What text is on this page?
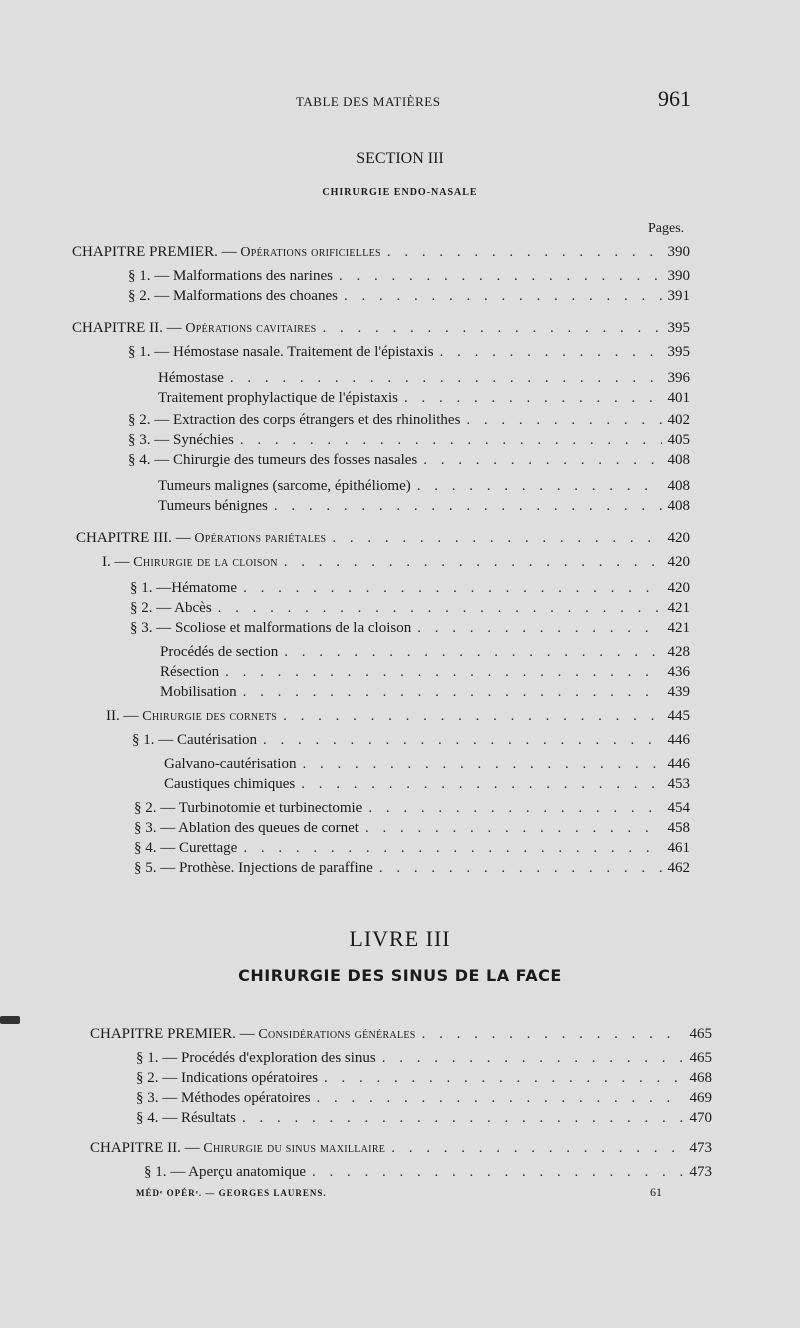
TABLE DES MATIÈRES	961
SECTION III
CHIRURGIE ENDO-NASALE
Pages.
CHAPITRE PREMIER. — Opérations orificielles . . .	390
§ 1. — Malformations des narines . . .	390
§ 2. — Malformations des choanes . . .	391
CHAPITRE II. — Opérations cavitaires . . .	395
§ 1. — Hémostase nasale. Traitement de l'épistaxis . . .	395
Hémostase . . .	396
Traitement prophylactique de l'épistaxis . . .	401
§ 2. — Extraction des corps étrangers et des rhinolithes . . .	402
§ 3. — Synéchies . . .	405
§ 4. — Chirurgie des tumeurs des fosses nasales . . .	408
Tumeurs malignes (sarcome, épithéliome) . . .	408
Tumeurs bénignes . . .	408
CHAPITRE III. — Opérations pariétales . . .	420
I. — Chirurgie de la cloison . . .	420
§ 1. —Hématome . . .	420
§ 2. — Abcès . . .	421
§ 3. — Scoliose et malformations de la cloison . . .	421
Procédés de section . . .	428
Résection . . .	436
Mobilisation . . .	439
II. — Chirurgie des cornets . . .	445
§ 1. — Cautérisation . . .	446
Galvano-cautérisation . . .	446
Caustiques chimiques . . .	453
§ 2. — Turbinotomie et turbinectomie . . .	454
§ 3. — Ablation des queues de cornet . . .	458
§ 4. — Curettage . . .	461
§ 5. — Prothèse. Injections de paraffine . . .	462
LIVRE III
CHIRURGIE DES SINUS DE LA FACE
CHAPITRE PREMIER. — Considérations générales . . .	465
§ 1. — Procédés d'exploration des sinus . . .	465
§ 2. — Indications opératoires . . .	468
§ 3. — Méthodes opératoires . . .	469
§ 4. — Résultats . . .	470
CHAPITRE II. — Chirurgie du sinus maxillaire . . .	473
§ 1. — Aperçu anatomique . . .	473
MÉDᵉ OPÉRᵉ. — GEORGES LAURENS.	61
